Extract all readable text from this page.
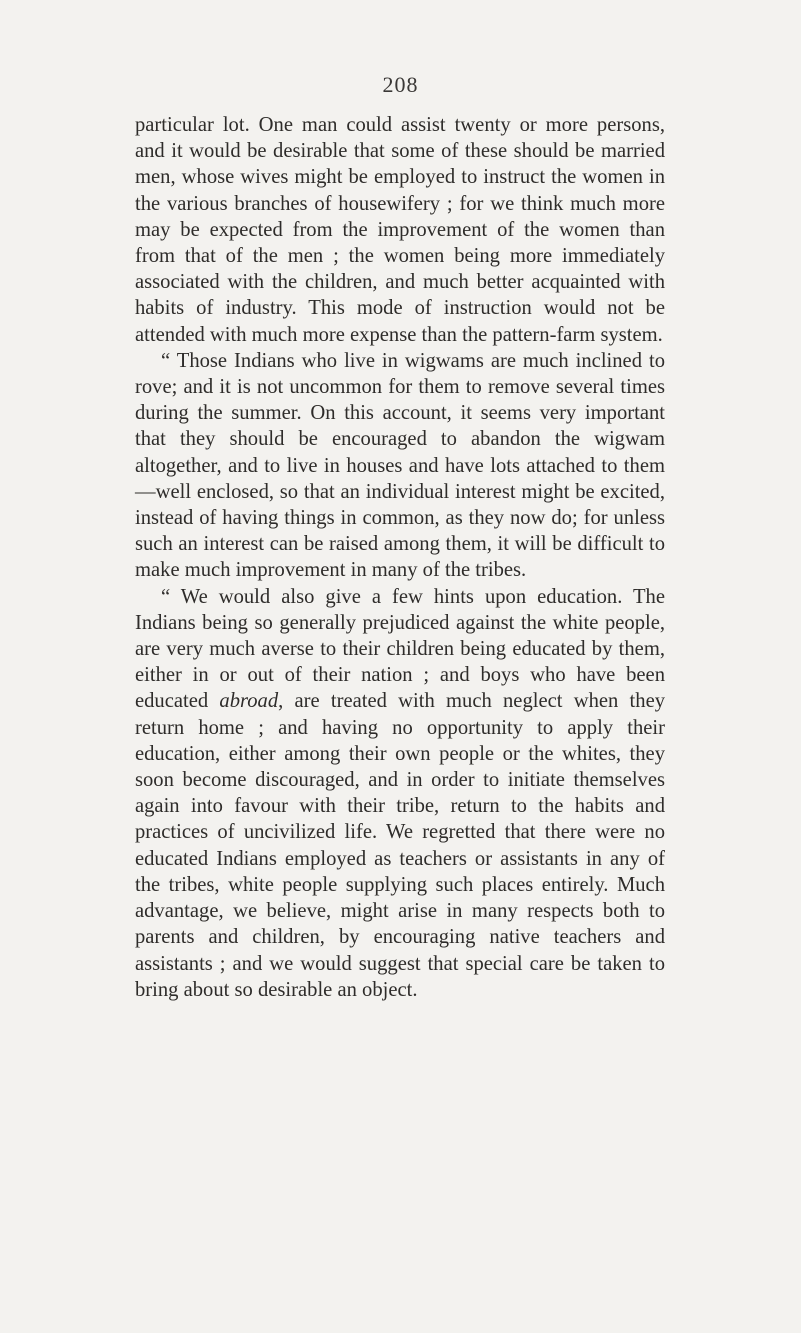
208

particular lot. One man could assist twenty or more persons, and it would be desirable that some of these should be married men, whose wives might be employed to instruct the women in the various branches of housewifery ; for we think much more may be expected from the improvement of the women than from that of the men ; the women being more immediately associated with the children, and much better acquainted with habits of industry. This mode of instruction would not be attended with much more expense than the pattern-farm system.

“ Those Indians who live in wigwams are much inclined to rove; and it is not uncommon for them to remove several times during the summer. On this account, it seems very important that they should be encouraged to abandon the wigwam altogether, and to live in houses and have lots attached to them—well enclosed, so that an individual interest might be excited, instead of having things in common, as they now do; for unless such an interest can be raised among them, it will be difficult to make much improvement in many of the tribes.

“ We would also give a few hints upon education. The Indians being so generally prejudiced against the white people, are very much averse to their children being educated by them, either in or out of their nation ; and boys who have been educated abroad, are treated with much neglect when they return home ; and having no opportunity to apply their education, either among their own people or the whites, they soon become discouraged, and in order to initiate themselves again into favour with their tribe, return to the habits and practices of uncivilized life. We regretted that there were no educated Indians employed as teachers or assistants in any of the tribes, white people supplying such places entirely. Much advantage, we believe, might arise in many respects both to parents and children, by encouraging native teachers and assistants ; and we would suggest that special care be taken to bring about so desirable an object.
